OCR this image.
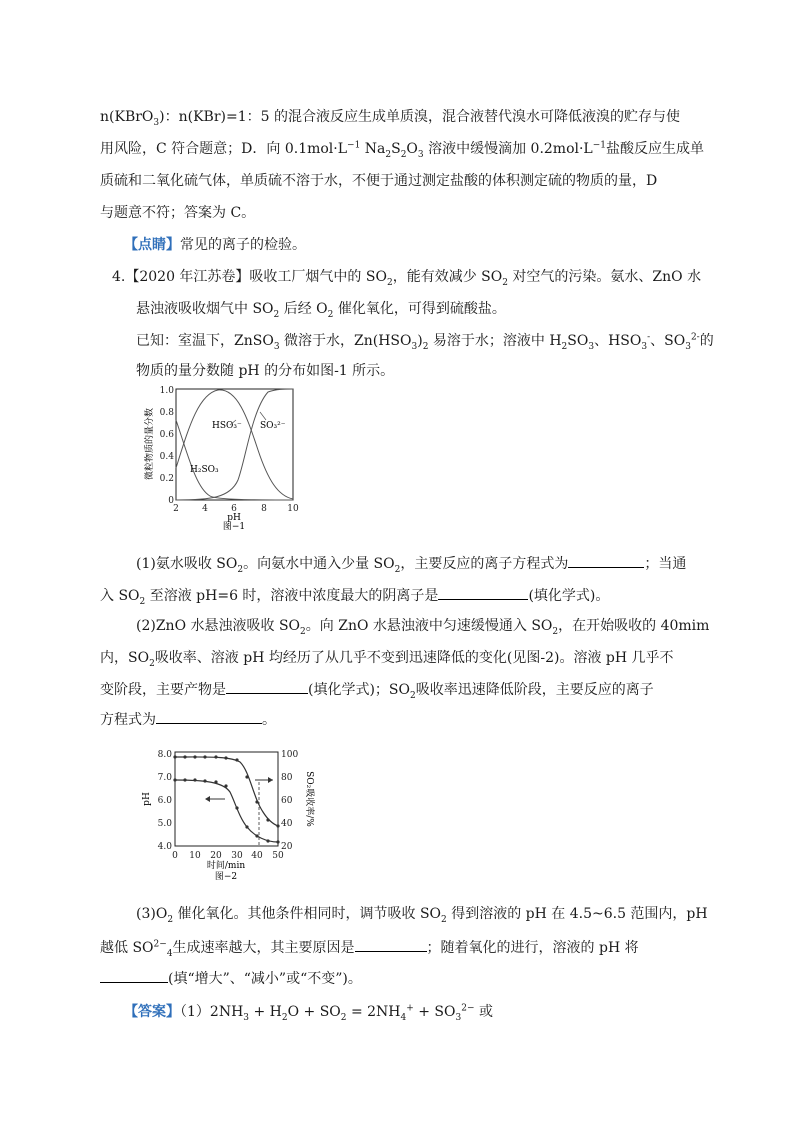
n(KBrO$_3$)：n(KBr)=1：5 的混合液反应生成单质溴，混合液替代溴水可降低液溴的贮存与使
用风险，C 符合题意；D．向 $0.1mol\cdot L^{-1}$ $Na_2S_2O_3$ 溶液中缓慢滴加 $0.2mol\cdot L^{-1}$盐酸反应生成单
质硫和二氧化硫气体，单质硫不溶于水，不便于通过测定盐酸的体积测定硫的物质的量，D
与题意不符；答案为 C。
【点睛】常见的离子的检验。
4.【2020 年江苏卷】吸收工厂烟气中的 $SO_2$，能有效减少 $SO_2$ 对空气的污染。氨水、ZnO 水
悬浊液吸收烟气中 $SO_2$ 后经 $O_2$ 催化氧化，可得到硫酸盐。
已知：室温下，ZnSO$_3$ 微溶于水，$Zn(HSO_3)_2$ 易溶于水；溶液中 $H_2SO_3$、$HSO_3^-$、$SO_3^{2-}$的
物质的量分数随 pH 的分布如图-1 所示。
0
0.2
0.4
0.6
0.8
1.0
2	4	6	8 10
pH
图−1
微粒物质的量分数	HSO₃⁻ SO₃²⁻
H₂SO₃
(1)氨水吸收 $SO_2$。向氨水中通入少量 $SO_2$，主要反应的离子方程式为	；当通
入 $SO_2$ 至溶液 pH=6 时，溶液中浓度最大的阴离子是	(填化学式)。
(2)ZnO 水悬浊液吸收 $SO_2$。向 ZnO 水悬浊液中匀速缓慢通入 $SO_2$，在开始吸收的 40mim
内，$SO_2$吸收率、溶液 pH 均经历了从几乎不变到迅速降低的变化(见图-2)。溶液 pH 几乎不
变阶段，主要产物是	(填化学式)；$SO_2$吸收率迅速降低阶段，主要反应的离子
方程式为	。
4.0
5.0
6.0
7.0
8.0
20
40
60
80
100
0 10 20 30 40 50
时间/min
图−2
pH	SO₂吸收率/%
$(3)O_2$ 催化氧化。其他条件相同时，调节吸收 $SO_2$ 得到溶液的 pH 在 4.5~6.5 范围内，pH
越低 $SO^{2-}_4$生成速率越大，其主要原因是	；随着氧化的进行，溶液的 pH 将
(填“增大”、“减小”或“不变”)。
【答案】$(1)2NH_3 + H_2O + SO_2 = 2NH_4^+ + SO_3^{2-}$ 或
